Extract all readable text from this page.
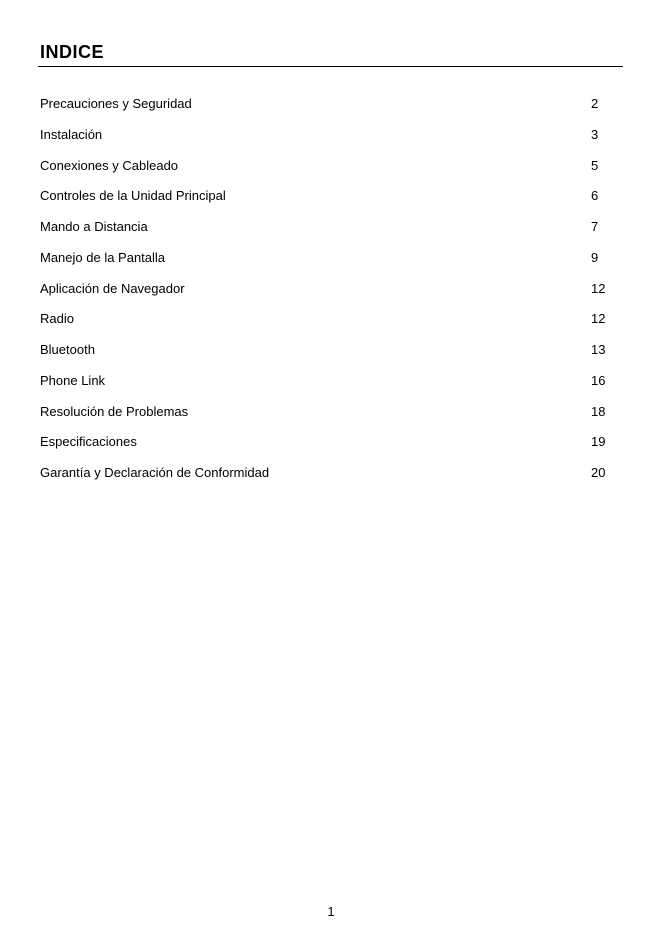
INDICE
Precauciones y Seguridad	2
Instalación	3
Conexiones y Cableado	5
Controles de la Unidad Principal	6
Mando a Distancia	7
Manejo de la Pantalla	9
Aplicación de Navegador	12
Radio	12
Bluetooth	13
Phone Link	16
Resolución de Problemas	18
Especificaciones	19
Garantía y Declaración de Conformidad	20
1
